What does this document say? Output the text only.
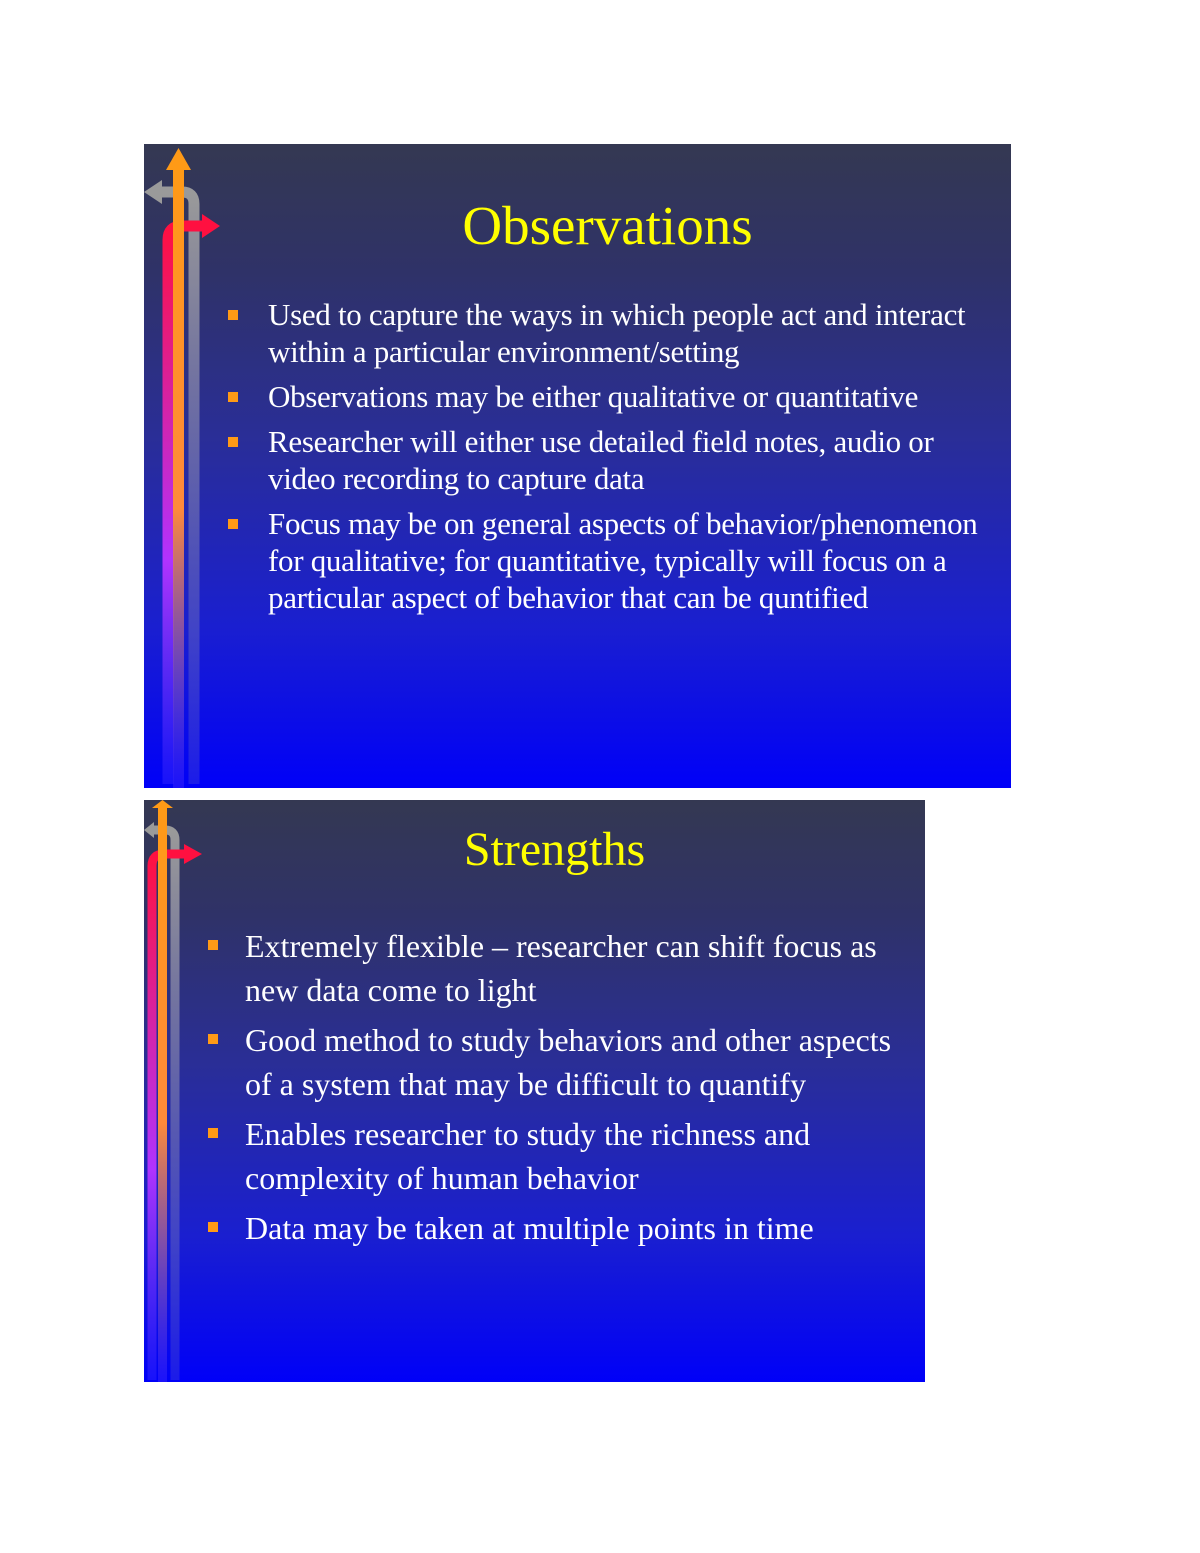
Observations
Used to capture the ways in which people act and interact within a particular environment/setting
Observations may be either qualitative or quantitative
Researcher will either use detailed field notes, audio or video recording to capture data
Focus may be on general aspects of behavior/phenomenon for qualitative; for quantitative, typically will focus on a particular aspect of behavior that can be quntified
Strengths
Extremely flexible – researcher can shift focus as new data come to light
Good method to study behaviors and other aspects of a system that may be difficult to quantify
Enables researcher to study the richness and complexity of human behavior
Data may be taken at multiple points in time
